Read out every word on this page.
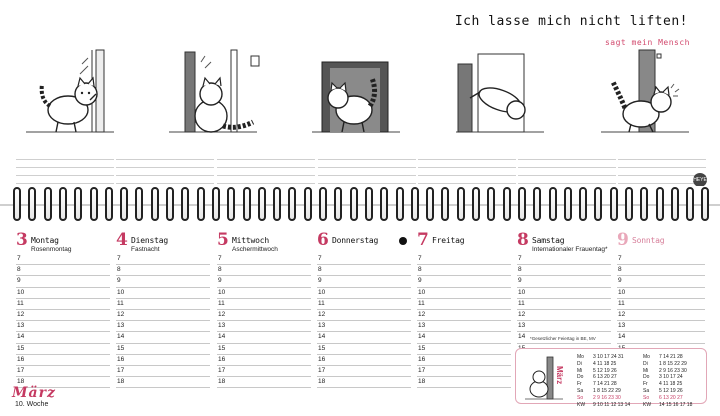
Ich lasse mich nicht liften!
sagt mein Mensch
HEYE
3 Montag
Rosenmontag
7
8
9
10
11
12
13
14
15
16
17
18
4 Dienstag
Fastnacht
7
8
9
10
11
12
13
14
15
16
17
18
5 Mittwoch
Aschermittwoch
7
8
9
10
11
12
13
14
15
16
17
18
6 Donnerstag
7
8
9
10
11
12
13
14
15
16
17
18
7 Freitag
7
8
9
10
11
12
13
14
15
16
17
18
8 Samstag
Internationaler Frauentag*
7
8
9
10
11
12
13
14
9 Sonntag
7
8
9
10
11
12
13
14
*Gesetzlicher Feiertag in BE, MV
März
10. Woche
März
Mo 3 10 17 24 31
Di 4 11 18 25
Mi 5 12 19 26
Do 6 13 20 27
Fr 7 14 21 28
Sa 1 8 15 22 29
So 2 9 16 23 30
KW 9 10 11 12 13 14
Mo 7 14 21 28
Di 1 8 15 22 29
Mi 2 9 16 23 30
Do 3 10 17 24
Fr 4 11 18 25
Sa 5 12 19 26
So 6 13 20 27
KW 14 15 16 17 18
